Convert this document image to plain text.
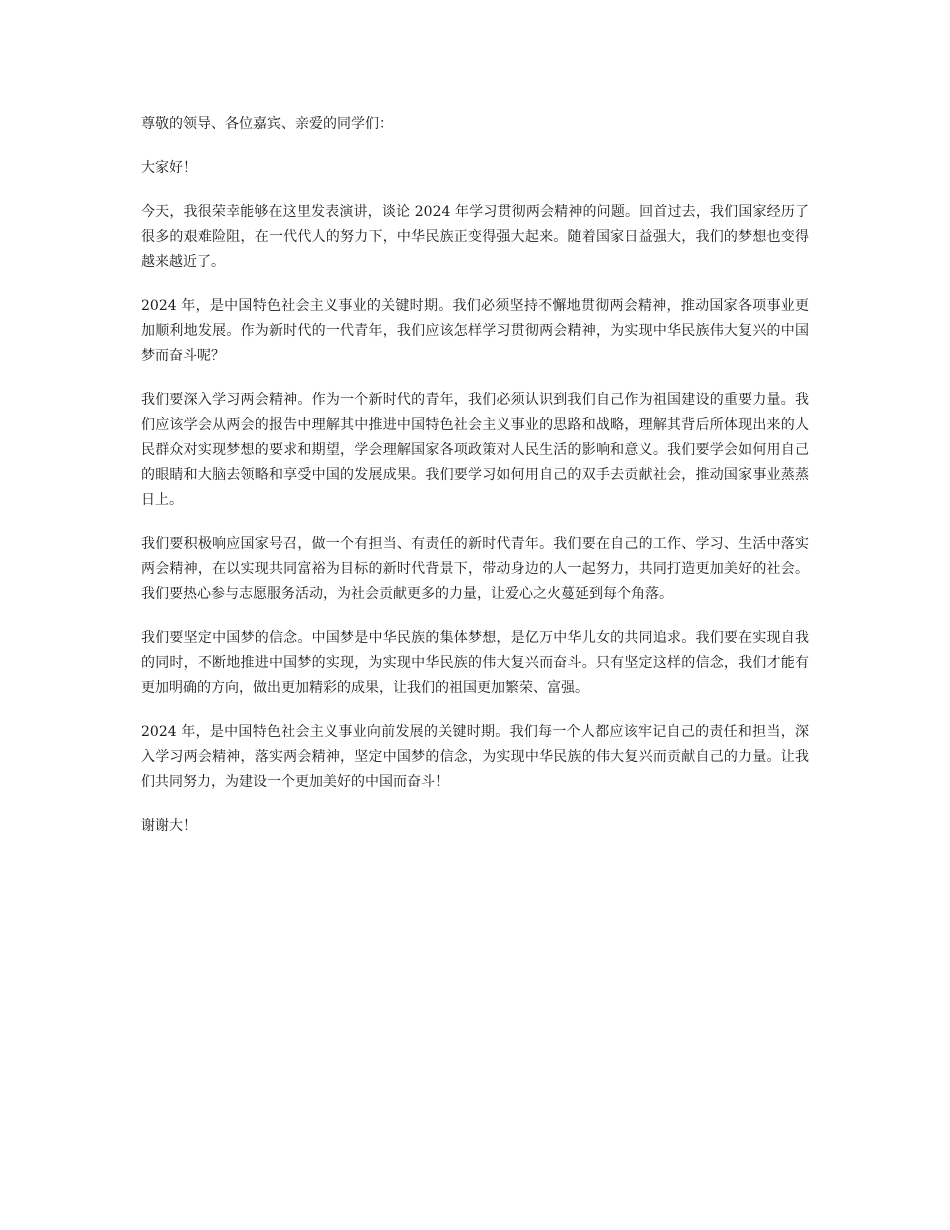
尊敬的领导、各位嘉宾、亲爱的同学们：

大家好！

今天，我很荣幸能够在这里发表演讲，谈论 2024 年学习贯彻两会精神的问题。回首过去，我们国家经历了很多的艰难险阻，在一代代人的努力下，中华民族正变得强大起来。随着国家日益强大，我们的梦想也变得越来越近了。

2024 年，是中国特色社会主义事业的关键时期。我们必须坚持不懈地贯彻两会精神，推动国家各项事业更加顺利地发展。作为新时代的一代青年，我们应该怎样学习贯彻两会精神，为实现中华民族伟大复兴的中国梦而奋斗呢？

我们要深入学习两会精神。作为一个新时代的青年，我们必须认识到我们自己作为祖国建设的重要力量。我们应该学会从两会的报告中理解其中推进中国特色社会主义事业的思路和战略，理解其背后所体现出来的人民群众对实现梦想的要求和期望，学会理解国家各项政策对人民生活的影响和意义。我们要学会如何用自己的眼睛和大脑去领略和享受中国的发展成果。我们要学习如何用自己的双手去贡献社会，推动国家事业蒸蒸日上。

我们要积极响应国家号召，做一个有担当、有责任的新时代青年。我们要在自己的工作、学习、生活中落实两会精神，在以实现共同富裕为目标的新时代背景下，带动身边的人一起努力，共同打造更加美好的社会。我们要热心参与志愿服务活动，为社会贡献更多的力量，让爱心之火蔓延到每个角落。

我们要坚定中国梦的信念。中国梦是中华民族的集体梦想，是亿万中华儿女的共同追求。我们要在实现自我的同时，不断地推进中国梦的实现，为实现中华民族的伟大复兴而奋斗。只有坚定这样的信念，我们才能有更加明确的方向，做出更加精彩的成果，让我们的祖国更加繁荣、富强。

2024 年，是中国特色社会主义事业向前发展的关键时期。我们每一个人都应该牢记自己的责任和担当，深入学习两会精神，落实两会精神，坚定中国梦的信念，为实现中华民族的伟大复兴而贡献自己的力量。让我们共同努力，为建设一个更加美好的中国而奋斗！

谢谢大！
